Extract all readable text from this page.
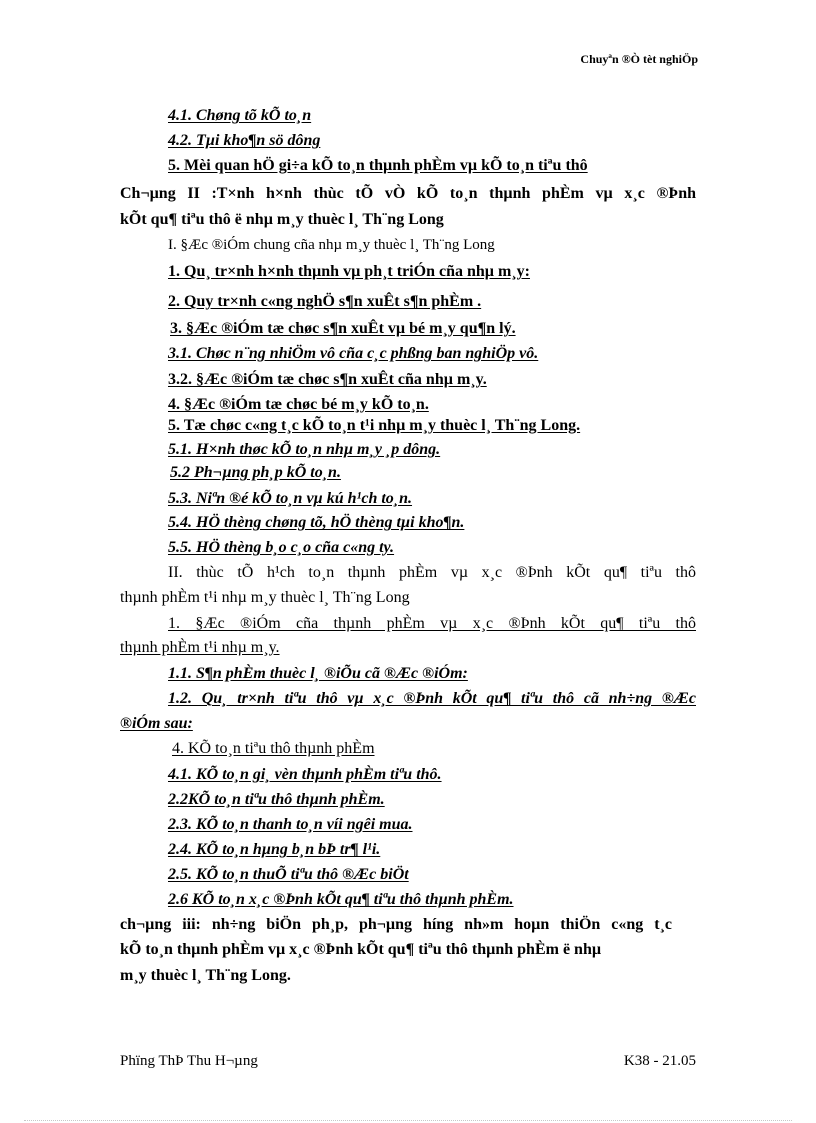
Chuyªn ®Ò tèt nghiÖp
4.1. Chøng tõ kÕ to¸n
4.2. Tµi kho¶n sö dông
5. Mèi quan hÖ gi÷a kÕ to¸n thµnh phÈm vµ kÕ to¸n tiªu thô
Ch¬µng II :T×nh h×nh thùc tÕ vÒ kÕ to¸n thµnh phÈm vµ x¸c ®Þnh
kÕt qu¶ tiªu thô ë nhµ m¸y thuèc l¸ Th¨ng Long
I. §Æc ®iÓm chung cña nhµ m¸y thuèc l¸ Th¨ng Long
1. Qu¸ tr×nh h×nh thµnh vµ ph¸t triÓn cña nhµ m¸y:
2. Quy tr×nh c«ng nghÖ s¶n xuÊt s¶n phÈm .
3. §Æc ®iÓm tæ chøc s¶n xuÊt vµ bé m¸y qu¶n lý.
3.1. Chøc n¨ng nhiÖm vô cña c¸c phßng ban nghiÖp vô.
3.2. §Æc ®iÓm tæ chøc s¶n xuÊt cña nhµ m¸y.
4. §Æc ®iÓm tæ chøc bé m¸y kÕ to¸n.
5. Tæ chøc c«ng t¸c kÕ to¸n t¹i nhµ m¸y thuèc l¸ Th¨ng Long.
5.1. H×nh thøc kÕ to¸n nhµ m¸y ¸p dông.
5.2 Ph¬µng ph¸p kÕ to¸n.
5.3. Niªn ®é kÕ to¸n vµ kú h¹ch to¸n.
5.4. HÖ thèng chøng tõ, hÖ thèng tµi kho¶n.
5.5. HÖ thèng b¸o c¸o cña c«ng ty.
II. thùc tÕ h¹ch to¸n thµnh phÈm vµ x¸c ®Þnh kÕt qu¶ tiªu thô
thµnh phÈm t¹i nhµ m¸y thuèc l¸ Th¨ng Long
1. §Æc ®iÓm cña thµnh phÈm vµ x¸c ®Þnh kÕt qu¶ tiªu thô
thµnh phÈm t¹i nhµ m¸y.
1.1. S¶n phÈm thuèc l¸ ®iÕu cã ®Æc ®iÓm:
1.2. Qu¸ tr×nh tiªu thô vµ x¸c ®Þnh kÕt qu¶ tiªu thô cã nh÷ng ®Æc
®iÓm sau:
4. KÕ to¸n tiªu thô thµnh phÈm
4.1. KÕ to¸n gi¸ vèn thµnh phÈm tiªu thô.
2.2KÕ to¸n tiªu thô thµnh phÈm.
2.3. KÕ to¸n thanh to¸n víi ngêi mua.
2.4. KÕ to¸n hµng b¸n bÞ tr¶ l¹i.
2.5. KÕ to¸n thuÕ tiªu thô ®Æc biÖt
2.6 KÕ to¸n x¸c ®Þnh kÕt qu¶ tiªu thô thµnh phÈm.
ch¬µng iii: nh÷ng biÖn ph¸p, ph¬µng híng nh»m hoµn thiÖn c«ng t¸c
kÕ to¸n thµnh phÈm vµ x¸c ®Þnh kÕt qu¶ tiªu thô thµnh phÈm ë nhµ
m¸y thuèc l¸ Th¨ng Long.
Phïng ThÞ Thu H¬µng	K38 - 21.05
